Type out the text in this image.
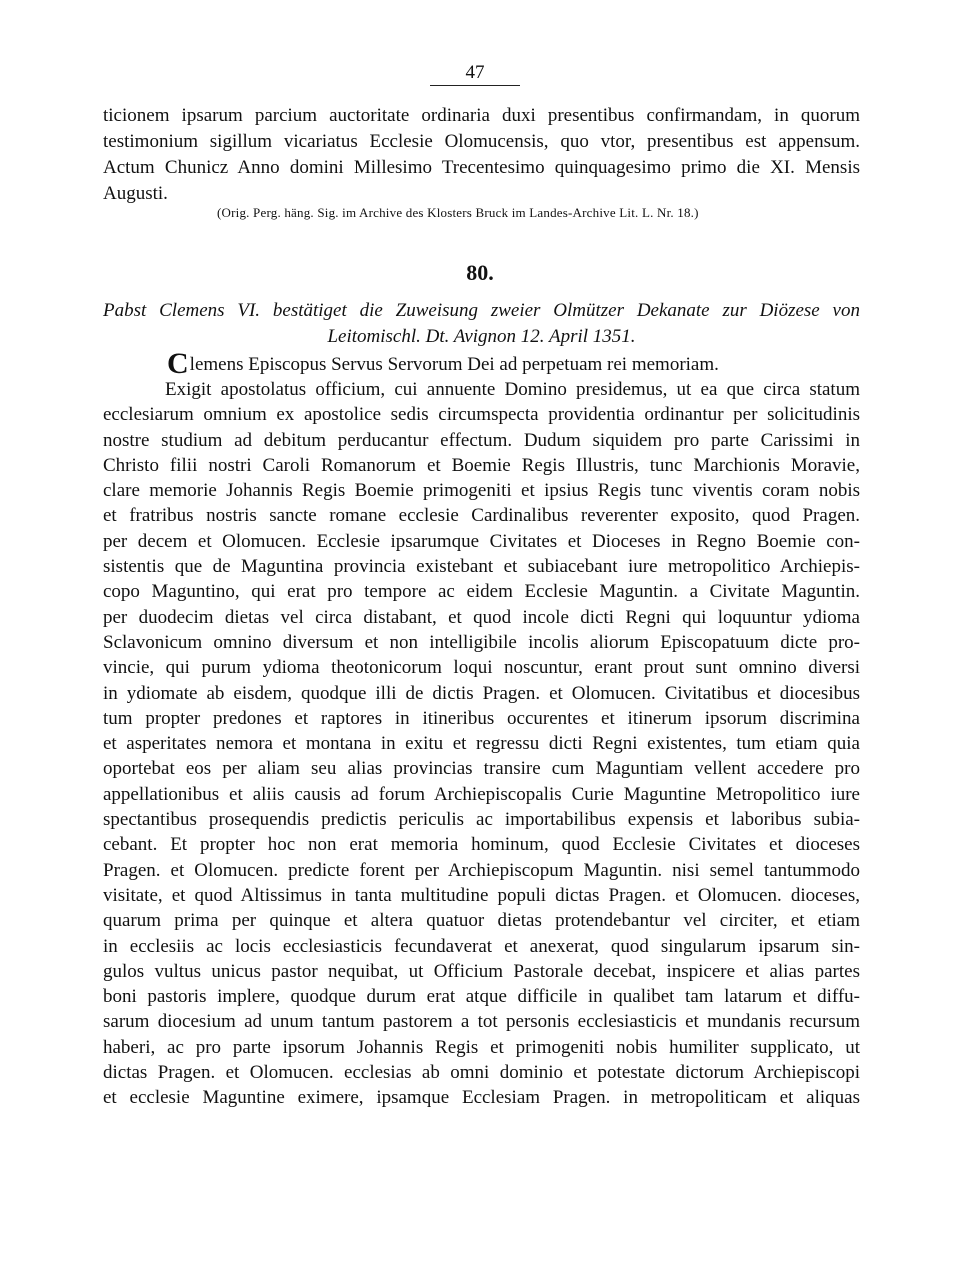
47
ticionem ipsarum parcium auctoritate ordinaria duxi presentibus confirmandam, in quorum
testimonium sigillum vicariatus Ecclesie Olomucensis, quo vtor, presentibus est appensum.
Actum Chunicz Anno domini Millesimo Trecentesimo quinquagesimo primo die XI. Mensis
Augusti.
(Orig. Perg. häng. Sig. im Archive des Klosters Bruck im Landes-Archive Lit. L. Nr. 18.)
80.
Pabst Clemens VI. bestätiget die Zuweisung zweier Olmützer Dekanate zur Diözese von
Leitomischl. Dt. Avignon 12. April 1351.
Clemens Episcopus Servus Servorum Dei ad perpetuam rei memoriam.
Exigit apostolatus officium, cui annuente Domino presidemus, ut ea que circa statum
ecclesiarum omnium ex apostolice sedis circumspecta providentia ordinantur per solicitudinis
nostre studium ad debitum perducantur effectum. Dudum siquidem pro parte Carissimi in
Christo filii nostri Caroli Romanorum et Boemie Regis Illustris, tunc Marchionis Moravie,
clare memorie Johannis Regis Boemie primogeniti et ipsius Regis tunc viventis coram nobis
et fratribus nostris sancte romane ecclesie Cardinalibus reverenter exposito, quod Pragen.
per decem et Olomucen. Ecclesie ipsarumque Civitates et Dioceses in Regno Boemie con-
sistentis que de Maguntina provincia existebant et subiacebant iure metropolitico Archiepis-
copo Maguntino, qui erat pro tempore ac eidem Ecclesie Maguntin. a Civitate Maguntin.
per duodecim dietas vel circa distabant, et quod incole dicti Regni qui loquuntur ydioma
Sclavonicum omnino diversum et non intelligibile incolis aliorum Episcopatuum dicte pro-
vincie, qui purum ydioma theotonicorum loqui noscuntur, erant prout sunt omnino diversi
in ydiomate ab eisdem, quodque illi de dictis Pragen. et Olomucen. Civitatibus et diocesibus
tum propter predones et raptores in itineribus occurentes et itinerum ipsorum discrimina
et asperitates nemora et montana in exitu et regressu dicti Regni existentes, tum etiam quia
oportebat eos per aliam seu alias provincias transire cum Maguntiam vellent accedere pro
appellationibus et aliis causis ad forum Archiepiscopalis Curie Maguntine Metropolitico iure
spectantibus prosequendis predictis periculis ac importabilibus expensis et laboribus subia-
cebant. Et propter hoc non erat memoria hominum, quod Ecclesie Civitates et dioceses
Pragen. et Olomucen. predicte forent per Archiepiscopum Maguntin. nisi semel tantummodo
visitate, et quod Altissimus in tanta multitudine populi dictas Pragen. et Olomucen. dioceses,
quarum prima per quinque et altera quatuor dietas protendebantur vel circiter, et etiam
in ecclesiis ac locis ecclesiasticis fecundaverat et anexerat, quod singularum ipsarum sin-
gulos vultus unicus pastor nequibat, ut Officium Pastorale decebat, inspicere et alias partes
boni pastoris implere, quodque durum erat atque difficile in qualibet tam latarum et diffu-
sarum diocesium ad unum tantum pastorem a tot personis ecclesiasticis et mundanis recursum
haberi, ac pro parte ipsorum Johannis Regis et primogeniti nobis humiliter supplicato, ut
dictas Pragen. et Olomucen. ecclesias ab omni dominio et potestate dictorum Archiepiscopi
et ecclesie Maguntine eximere, ipsamque Ecclesiam Pragen. in metropoliticam et aliquas
